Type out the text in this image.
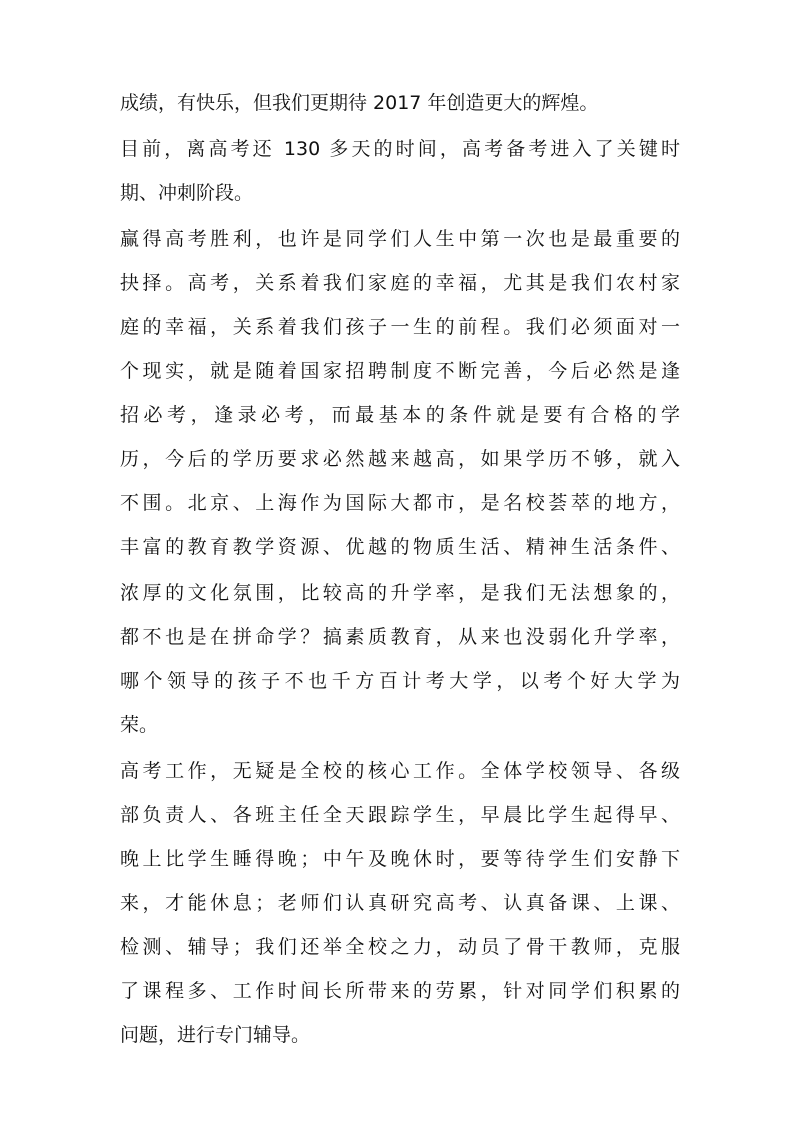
成绩，有快乐，但我们更期待 2017 年创造更大的辉煌。
目前，离高考还 130 多天的时间，高考备考进入了关键时
期、冲刺阶段。
赢得高考胜利，也许是同学们人生中第一次也是最重要的
抉择。高考，关系着我们家庭的幸福，尤其是我们农村家
庭的幸福，关系着我们孩子一生的前程。我们必须面对一
个现实，就是随着国家招聘制度不断完善，今后必然是逢
招必考，逢录必考，而最基本的条件就是要有合格的学
历，今后的学历要求必然越来越高，如果学历不够，就入
不围。北京、上海作为国际大都市，是名校荟萃的地方，
丰富的教育教学资源、优越的物质生活、精神生活条件、
浓厚的文化氛围，比较高的升学率，是我们无法想象的，
都不也是在拼命学？搞素质教育，从来也没弱化升学率，
哪个领导的孩子不也千方百计考大学，以考个好大学为
荣。
高考工作，无疑是全校的核心工作。全体学校领导、各级
部负责人、各班主任全天跟踪学生，早晨比学生起得早、
晚上比学生睡得晚；中午及晚休时，要等待学生们安静下
来，才能休息；老师们认真研究高考、认真备课、上课、
检测、辅导；我们还举全校之力，动员了骨干教师，克服
了课程多、工作时间长所带来的劳累，针对同学们积累的
问题，进行专门辅导。
